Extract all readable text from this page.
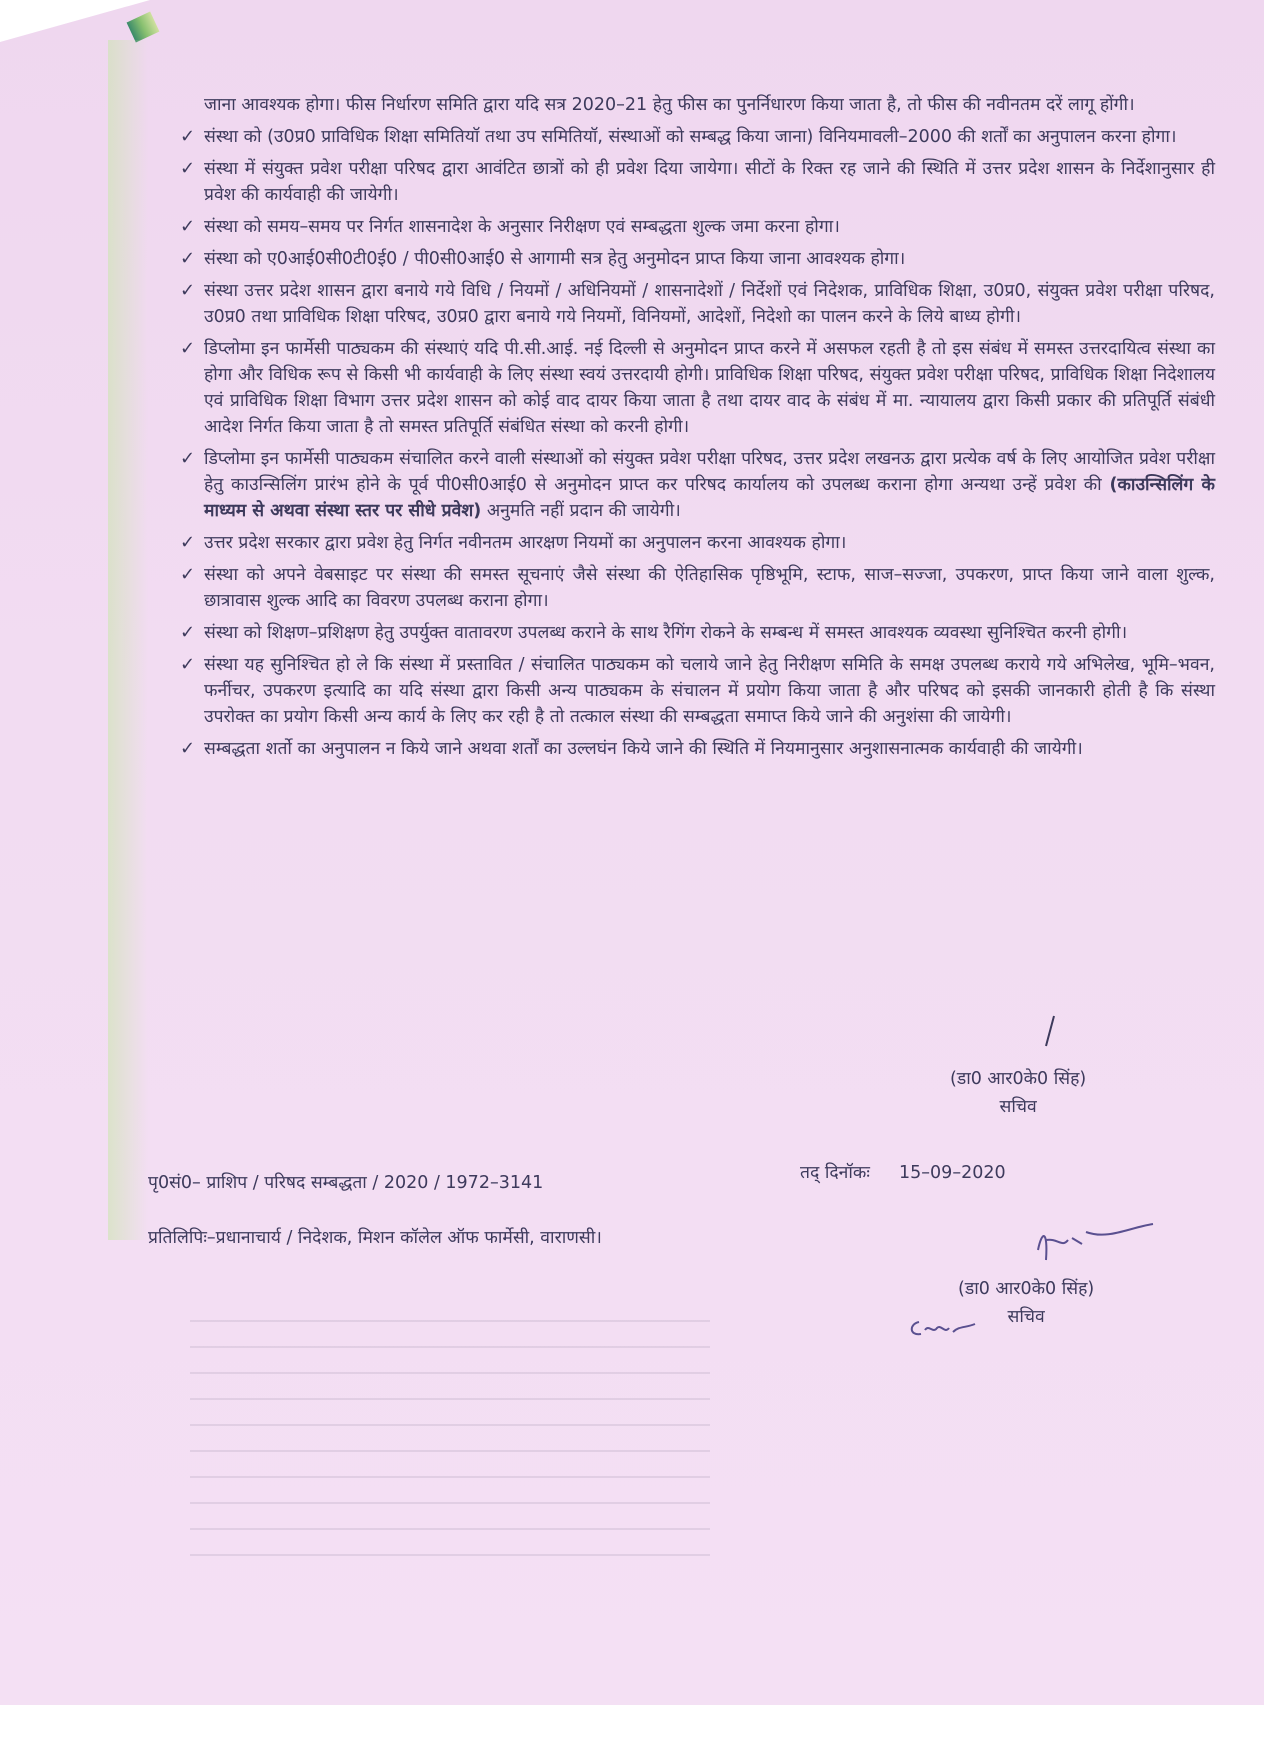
जाना आवश्यक होगा। फीस निर्धारण समिति द्वारा यदि सत्र 2020–21 हेतु फीस का पुनर्निधारण किया जाता है, तो फीस की नवीनतम दरें लागू होंगी।

✓ संस्था को (उ0प्र0 प्राविधिक शिक्षा समितियॉ तथा उप समितियॉ, संस्थाओं को सम्बद्ध किया जाना) विनियमावली–2000 की शर्तों का अनुपालन करना होगा।
✓ संस्था में संयुक्त प्रवेश परीक्षा परिषद द्वारा आवंटित छात्रों को ही प्रवेश दिया जायेगा। सीटों के रिक्त रह जाने की स्थिति में उत्तर प्रदेश शासन के निर्देशानुसार ही प्रवेश की कार्यवाही की जायेगी।
✓ संस्था को समय–समय पर निर्गत शासनादेश के अनुसार निरीक्षण एवं सम्बद्धता शुल्क जमा करना होगा।
✓ संस्था को ए0आई0सी0टी0ई0 / पी0सी0आई0 से आगामी सत्र हेतु अनुमोदन प्राप्त किया जाना आवश्यक होगा।
✓ संस्था उत्तर प्रदेश शासन द्वारा बनाये गये विधि / नियमों / अधिनियमों / शासनादेशों / निर्देशों एवं निदेशक, प्राविधिक शिक्षा, उ0प्र0, संयुक्त प्रवेश परीक्षा परिषद, उ0प्र0 तथा प्राविधिक शिक्षा परिषद, उ0प्र0 द्वारा बनाये गये नियमों, विनियमों, आदेशों, निदेशो का पालन करने के लिये बाध्य होगी।
✓ डिप्लोमा इन फार्मेसी पाठ्यकम की संस्थाएं यदि पी.सी.आई. नई दिल्ली से अनुमोदन प्राप्त करने में असफल रहती है तो इस संबंध में समस्त उत्तरदायित्व संस्था का होगा और विधिक रूप से किसी भी कार्यवाही के लिए संस्था स्वयं उत्तरदायी होगी। प्राविधिक शिक्षा परिषद, संयुक्त प्रवेश परीक्षा परिषद, प्राविधिक शिक्षा निदेशालय एवं प्राविधिक शिक्षा विभाग उत्तर प्रदेश शासन को कोई वाद दायर किया जाता है तथा दायर वाद के संबंध में मा. न्यायालय द्वारा किसी प्रकार की प्रतिपूर्ति संबंधी आदेश निर्गत किया जाता है तो समस्त प्रतिपूर्ति संबंधित संस्था को करनी होगी।
✓ डिप्लोमा इन फार्मेसी पाठ्यकम संचालित करने वाली संस्थाओं को संयुक्त प्रवेश परीक्षा परिषद, उत्तर प्रदेश लखनऊ द्वारा प्रत्येक वर्ष के लिए आयोजित प्रवेश परीक्षा हेतु काउन्सिलिंग प्रारंभ होने के पूर्व पी0सी0आई0 से अनुमोदन प्राप्त कर परिषद कार्यालय को उपलब्ध कराना होगा अन्यथा उन्हें प्रवेश की (काउन्सिलिंग के माध्यम से अथवा संस्था स्तर पर सीधे प्रवेश) अनुमति नहीं प्रदान की जायेगी।
✓ उत्तर प्रदेश सरकार द्वारा प्रवेश हेतु निर्गत नवीनतम आरक्षण नियमों का अनुपालन करना आवश्यक होगा।
✓ संस्था को अपने वेबसाइट पर संस्था की समस्त सूचनाएं जैसे संस्था की ऐतिहासिक पृष्ठिभूमि, स्टाफ, साज–सज्जा, उपकरण, प्राप्त किया जाने वाला शुल्क, छात्रावास शुल्क आदि का विवरण उपलब्ध कराना होगा।
✓ संस्था को शिक्षण–प्रशिक्षण हेतु उपर्युक्त वातावरण उपलब्ध कराने के साथ रैगिंग रोकने के सम्बन्ध में समस्त आवश्यक व्यवस्था सुनिश्चित करनी होगी।
✓ संस्था यह सुनिश्चित हो ले कि संस्था में प्रस्तावित / संचालित पाठ्यकम को चलाये जाने हेतु निरीक्षण समिति के समक्ष उपलब्ध कराये गये अभिलेख, भूमि–भवन, फर्नीचर, उपकरण इत्यादि का यदि संस्था द्वारा किसी अन्य पाठ्यकम के संचालन में प्रयोग किया जाता है और परिषद को इसकी जानकारी होती है कि संस्था उपरोक्त का प्रयोग किसी अन्य कार्य के लिए कर रही है तो तत्काल संस्था की सम्बद्धता समाप्त किये जाने की अनुशंसा की जायेगी।
✓ सम्बद्धता शर्तो का अनुपालन न किये जाने अथवा शर्तों का उल्लघंन किये जाने की स्थिति में नियमानुसार अनुशासनात्मक कार्यवाही की जायेगी।
(डा0 आर0के0 सिंह)
सचिव
तद् दिनॉकः 15–09–2020
पृ0सं0– प्राशिप / परिषद सम्बद्धता / 2020 / 1972–3141
प्रतिलिपिः–प्रधानाचार्य / निदेशक, मिशन कॉलेल ऑफ फार्मेसी, वाराणसी।
(डा0 आर0के0 सिंह)
सचिव
